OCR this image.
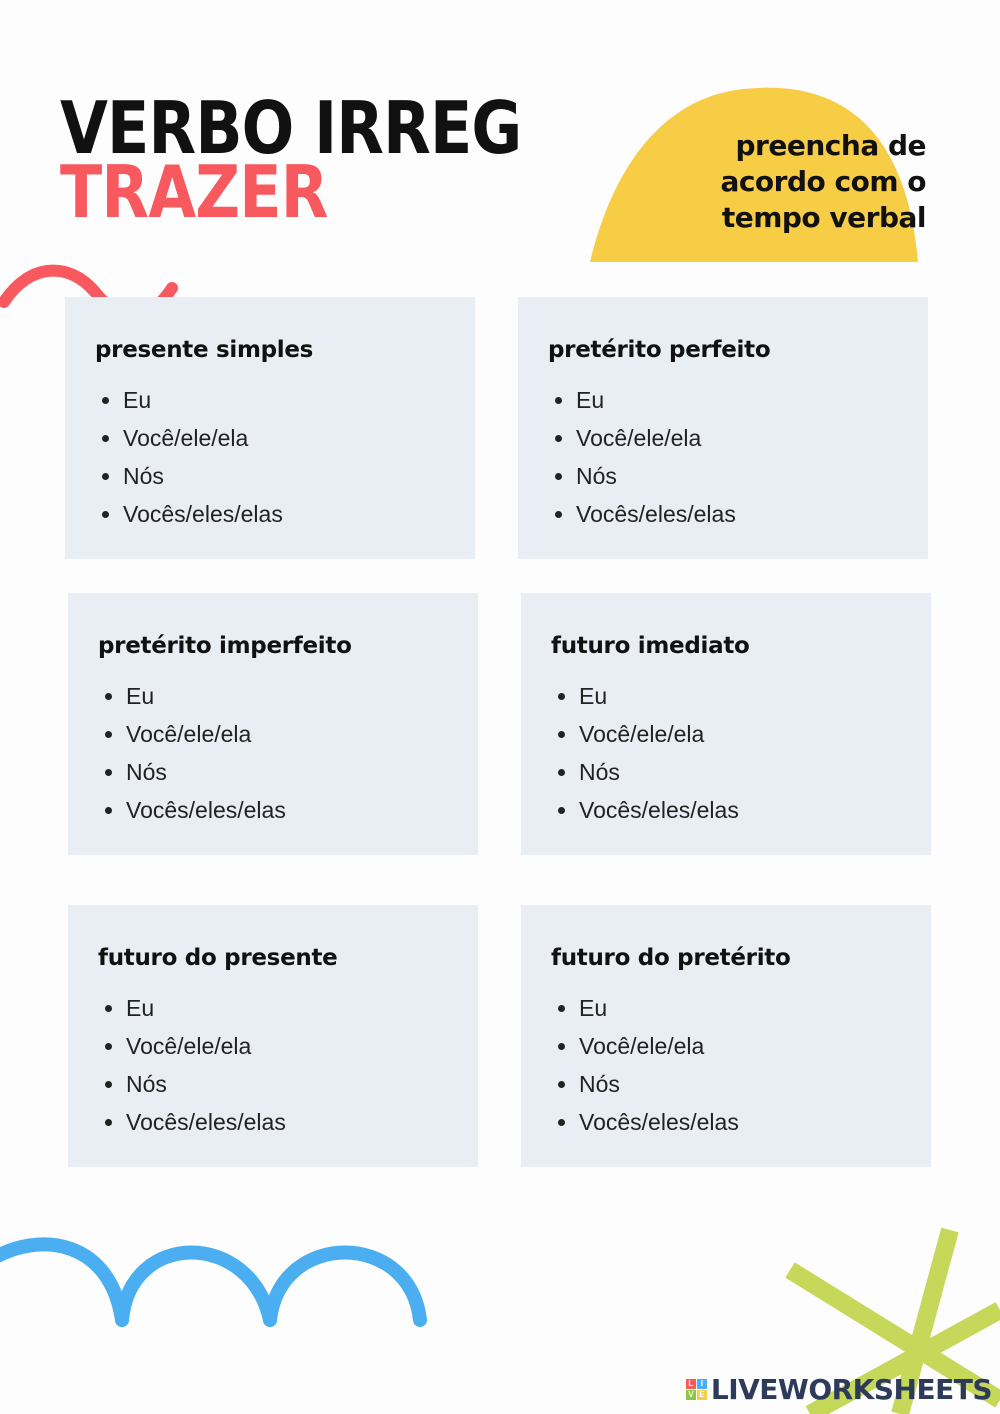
VERBO IRREG
TRAZER
preencha de
acordo com o
tempo verbal
presente simples
• Eu
• Você/ele/ela
• Nós
• Vocês/eles/elas
pretérito perfeito
• Eu
• Você/ele/ela
• Nós
• Vocês/eles/elas
pretérito imperfeito
• Eu
• Você/ele/ela
• Nós
• Vocês/eles/elas
futuro imediato
• Eu
• Você/ele/ela
• Nós
• Vocês/eles/elas
futuro do presente
• Eu
• Você/ele/ela
• Nós
• Vocês/eles/elas
futuro do pretérito
• Eu
• Você/ele/ela
• Nós
• Vocês/eles/elas
L I
V E LIVEWORKSHEETS
